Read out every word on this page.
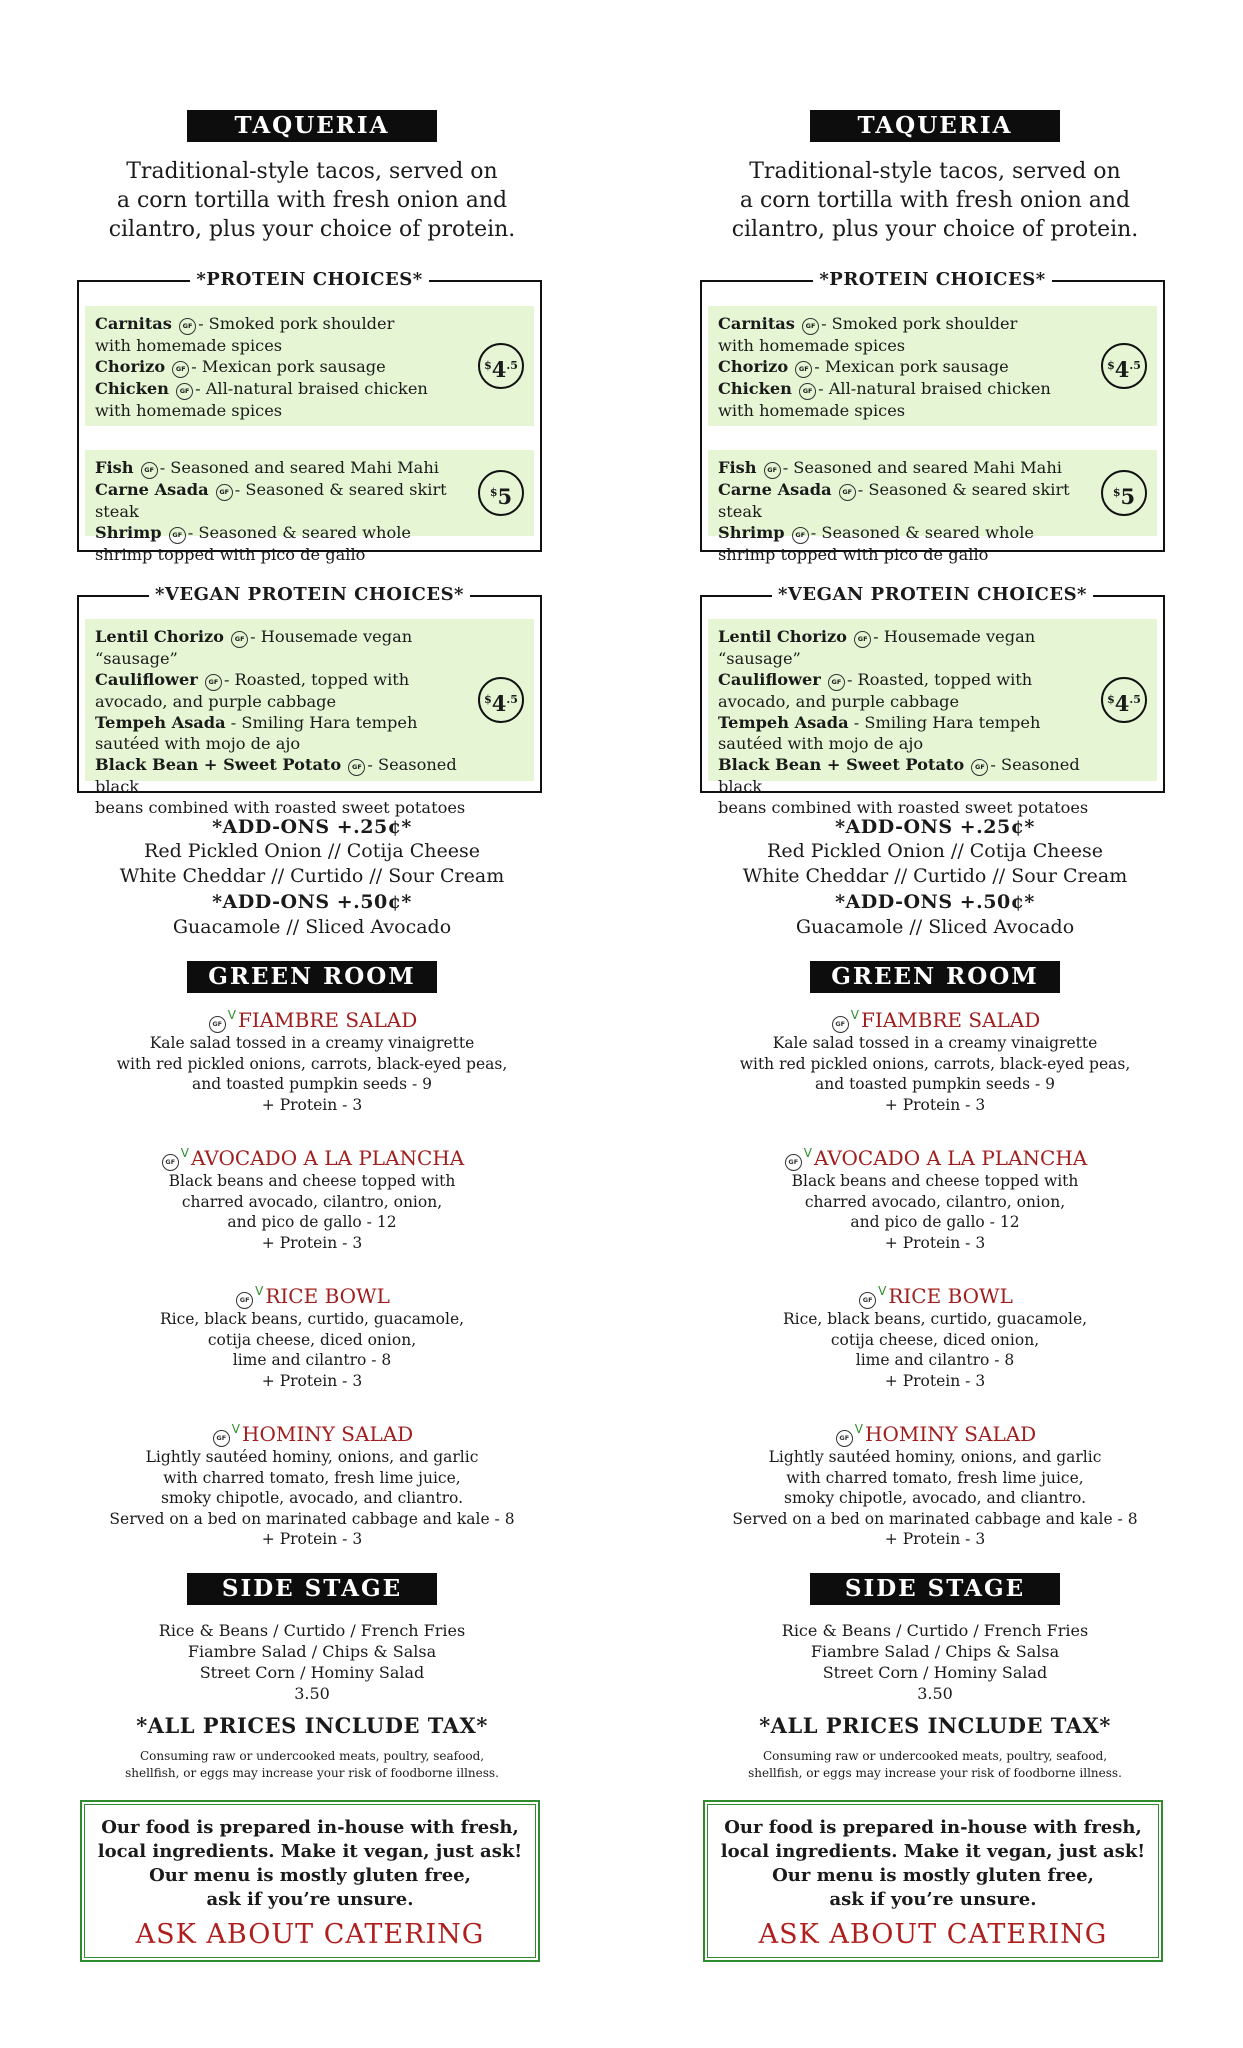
TAQUERIA
Traditional-style tacos, served on
a corn tortilla with fresh onion and
cilantro, plus your choice of protein.
*PROTEIN CHOICES*
Carnitas GF - Smoked pork shoulder
with homemade spices
Chorizo GF - Mexican pork sausage
Chicken GF - All-natural braised chicken
with homemade spices
$^{\$}4^{.5}$
Fish GF - Seasoned and seared Mahi Mahi
Carne Asada GF - Seasoned & seared skirt steak
Shrimp GF - Seasoned & seared whole
shrimp topped with pico de gallo
$5
*VEGAN PROTEIN CHOICES*
Lentil Chorizo GF - Housemade vegan “sausage”
Cauliflower GF - Roasted, topped with
avocado, and purple cabbage
Tempeh Asada - Smiling Hara tempeh
sautéed with mojo de ajo
Black Bean + Sweet Potato GF - Seasoned black
beans combined with roasted sweet potatoes
$^{\$}4^{.5}$
*ADD-ONS +.25¢*
Red Pickled Onion // Cotija Cheese
White Cheddar // Curtido // Sour Cream
*ADD-ONS +.50¢*
Guacamole // Sliced Avocado
GREEN ROOM
$GF^V$ FIAMBRE SALAD
Kale salad tossed in a creamy vinaigrette
with red pickled onions, carrots, black-eyed peas,
and toasted pumpkin seeds - 9
+ Protein - 3
$GF^V$ AVOCADO A LA PLANCHA
Black beans and cheese topped with
charred avocado, cilantro, onion,
and pico de gallo - 12
+ Protein - 3
$GF^V$ RICE BOWL
Rice, black beans, curtido, guacamole,
cotija cheese, diced onion,
lime and cilantro - 8
+ Protein - 3
$GF^V$ HOMINY SALAD
Lightly sautéed hominy, onions, and garlic
with charred tomato, fresh lime juice,
smoky chipotle, avocado, and cliantro.
Served on a bed on marinated cabbage and kale - 8
+ Protein - 3
SIDE STAGE
Rice & Beans / Curtido / French Fries
Fiambre Salad / Chips & Salsa
Street Corn / Hominy Salad
3.50
*ALL PRICES INCLUDE TAX*
Consuming raw or undercooked meats, poultry, seafood,
shellfish, or eggs may increase your risk of foodborne illness.
Our food is prepared in-house with fresh,
local ingredients. Make it vegan, just ask!
Our menu is mostly gluten free,
ask if you’re unsure.
ASK ABOUT CATERING
TAQUERIA
Traditional-style tacos, served on
a corn tortilla with fresh onion and
cilantro, plus your choice of protein.
*PROTEIN CHOICES*
Carnitas GF - Smoked pork shoulder
with homemade spices
Chorizo GF - Mexican pork sausage
Chicken GF - All-natural braised chicken
with homemade spices
$^{\$}4^{.5}$
Fish GF - Seasoned and seared Mahi Mahi
Carne Asada GF - Seasoned & seared skirt steak
Shrimp GF - Seasoned & seared whole
shrimp topped with pico de gallo
$5
*VEGAN PROTEIN CHOICES*
Lentil Chorizo GF - Housemade vegan “sausage”
Cauliflower GF - Roasted, topped with
avocado, and purple cabbage
Tempeh Asada - Smiling Hara tempeh
sautéed with mojo de ajo
Black Bean + Sweet Potato GF - Seasoned black
beans combined with roasted sweet potatoes
$^{\$}4^{.5}$
*ADD-ONS +.25¢*
Red Pickled Onion // Cotija Cheese
White Cheddar // Curtido // Sour Cream
*ADD-ONS +.50¢*
Guacamole // Sliced Avocado
GREEN ROOM
$GF^V$ FIAMBRE SALAD
Kale salad tossed in a creamy vinaigrette
with red pickled onions, carrots, black-eyed peas,
and toasted pumpkin seeds - 9
+ Protein - 3
$GF^V$ AVOCADO A LA PLANCHA
Black beans and cheese topped with
charred avocado, cilantro, onion,
and pico de gallo - 12
+ Protein - 3
$GF^V$ RICE BOWL
Rice, black beans, curtido, guacamole,
cotija cheese, diced onion,
lime and cilantro - 8
+ Protein - 3
$GF^V$ HOMINY SALAD
Lightly sautéed hominy, onions, and garlic
with charred tomato, fresh lime juice,
smoky chipotle, avocado, and cliantro.
Served on a bed on marinated cabbage and kale - 8
+ Protein - 3
SIDE STAGE
Rice & Beans / Curtido / French Fries
Fiambre Salad / Chips & Salsa
Street Corn / Hominy Salad
3.50
*ALL PRICES INCLUDE TAX*
Consuming raw or undercooked meats, poultry, seafood,
shellfish, or eggs may increase your risk of foodborne illness.
Our food is prepared in-house with fresh,
local ingredients. Make it vegan, just ask!
Our menu is mostly gluten free,
ask if you’re unsure.
ASK ABOUT CATERING
